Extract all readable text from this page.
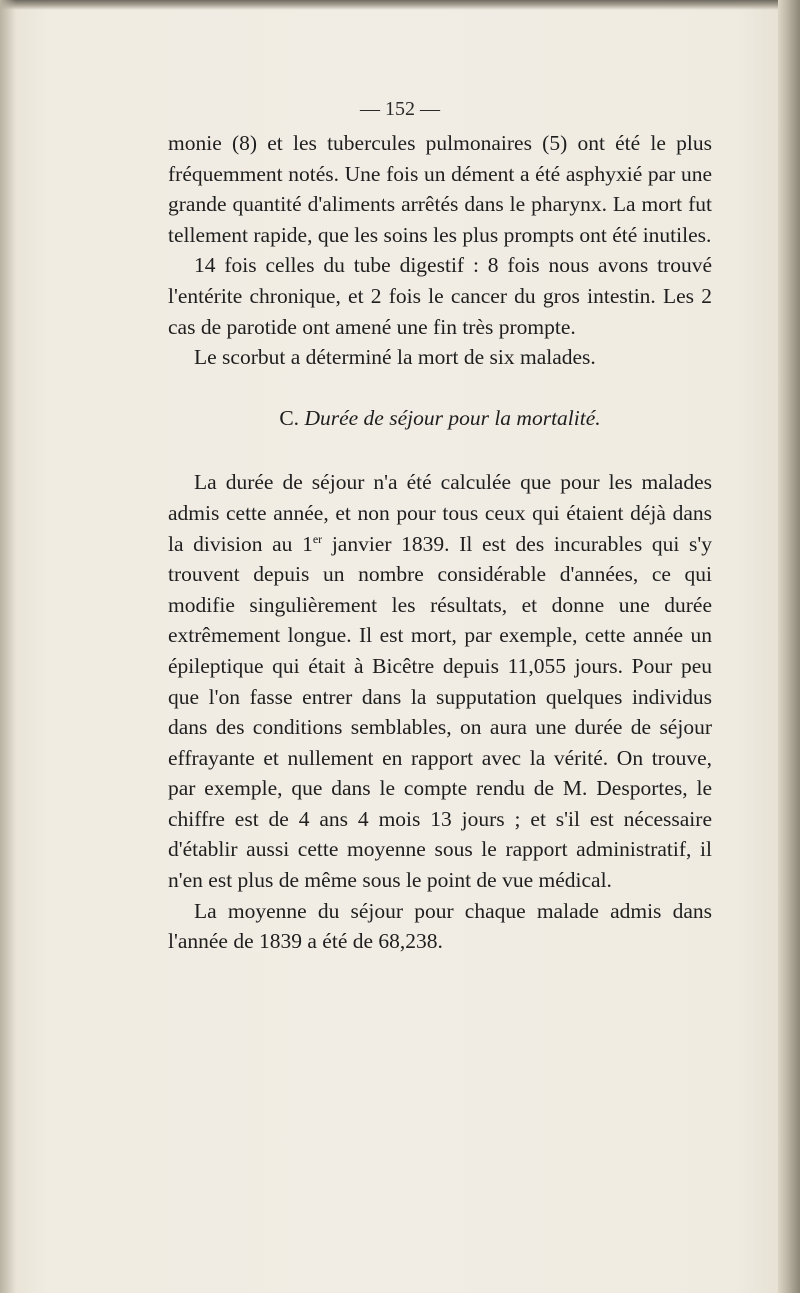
— 152 —

monie (8) et les tubercules pulmonaires (5) ont été le plus fréquemment notés. Une fois un dément a été asphyxié par une grande quantité d'aliments arrêtés dans le pharynx. La mort fut tellement rapide, que les soins les plus prompts ont été inutiles.

14 fois celles du tube digestif : 8 fois nous avons trouvé l'entérite chronique, et 2 fois le cancer du gros intestin. Les 2 cas de parotide ont amené une fin très prompte.

Le scorbut a déterminé la mort de six malades.

C. Durée de séjour pour la mortalité.

La durée de séjour n'a été calculée que pour les malades admis cette année, et non pour tous ceux qui étaient déjà dans la division au 1er janvier 1839. Il est des incurables qui s'y trouvent depuis un nombre considérable d'années, ce qui modifie singulièrement les résultats, et donne une durée extrêmement longue. Il est mort, par exemple, cette année un épileptique qui était à Bicêtre depuis 11,055 jours. Pour peu que l'on fasse entrer dans la supputation quelques individus dans des conditions semblables, on aura une durée de séjour effrayante et nullement en rapport avec la vérité. On trouve, par exemple, que dans le compte rendu de M. Desportes, le chiffre est de 4 ans 4 mois 13 jours ; et s'il est nécessaire d'établir aussi cette moyenne sous le rapport administratif, il n'en est plus de même sous le point de vue médical.

La moyenne du séjour pour chaque malade admis dans l'année de 1839 a été de 68,238.
